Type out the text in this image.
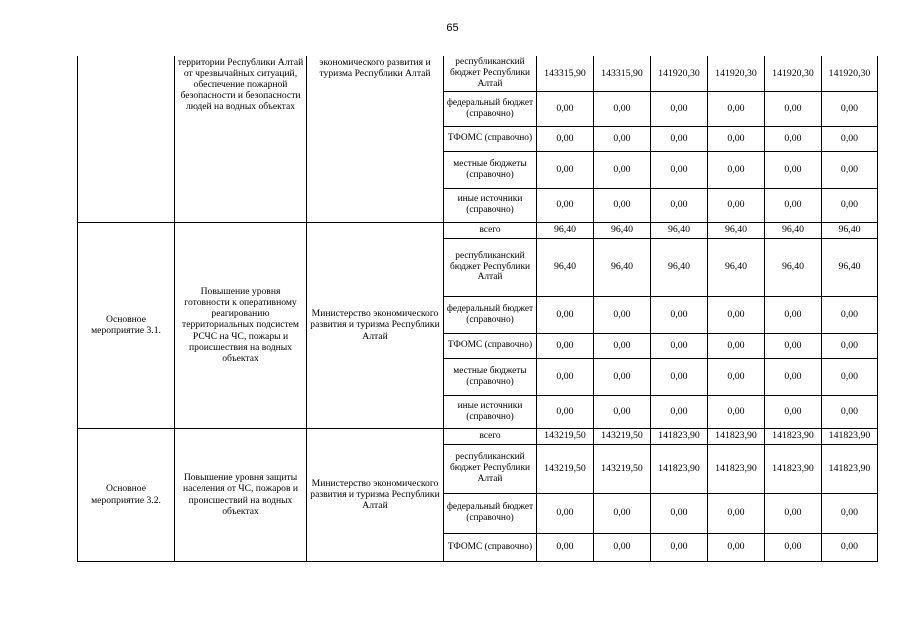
65
	территории Республики Алтай от чрезвычайных ситуаций, обеспечение пожарной безопасности и безопасности людей на водных объектах	экономического развития и туризма Республики Алтай	республиканский бюджет Республики Алтай	143315,90	143315,90	141920,30	141920,30	141920,30	141920,30
			федеральный бюджет (справочно)	0,00	0,00	0,00	0,00	0,00	0,00
			ТФОМС (справочно)	0,00	0,00	0,00	0,00	0,00	0,00
			местные бюджеты (справочно)	0,00	0,00	0,00	0,00	0,00	0,00
			иные источники (справочно)	0,00	0,00	0,00	0,00	0,00	0,00
Основное мероприятие 3.1.	Повышение уровня готовности к оперативному реагированию территориальных подсистем РСЧС на ЧС, пожары и происшествия на водных объектах	Министерство экономического развития и туризма Республики Алтай	всего	96,40	96,40	96,40	96,40	96,40	96,40
			республиканский бюджет Республики Алтай	96,40	96,40	96,40	96,40	96,40	96,40
			федеральный бюджет (справочно)	0,00	0,00	0,00	0,00	0,00	0,00
			ТФОМС (справочно)	0,00	0,00	0,00	0,00	0,00	0,00
			местные бюджеты (справочно)	0,00	0,00	0,00	0,00	0,00	0,00
			иные источники (справочно)	0,00	0,00	0,00	0,00	0,00	0,00
Основное мероприятие 3.2.	Повышение уровня защиты населения от ЧС, пожаров и происшествий на водных объектах	Министерство экономического развития и туризма Республики Алтай	всего	143219,50	143219,50	141823,90	141823,90	141823,90	141823,90
			республиканский бюджет Республики Алтай	143219,50	143219,50	141823,90	141823,90	141823,90	141823,90
			федеральный бюджет (справочно)	0,00	0,00	0,00	0,00	0,00	0,00
			ТФОМС (справочно)	0,00	0,00	0,00	0,00	0,00	0,00
